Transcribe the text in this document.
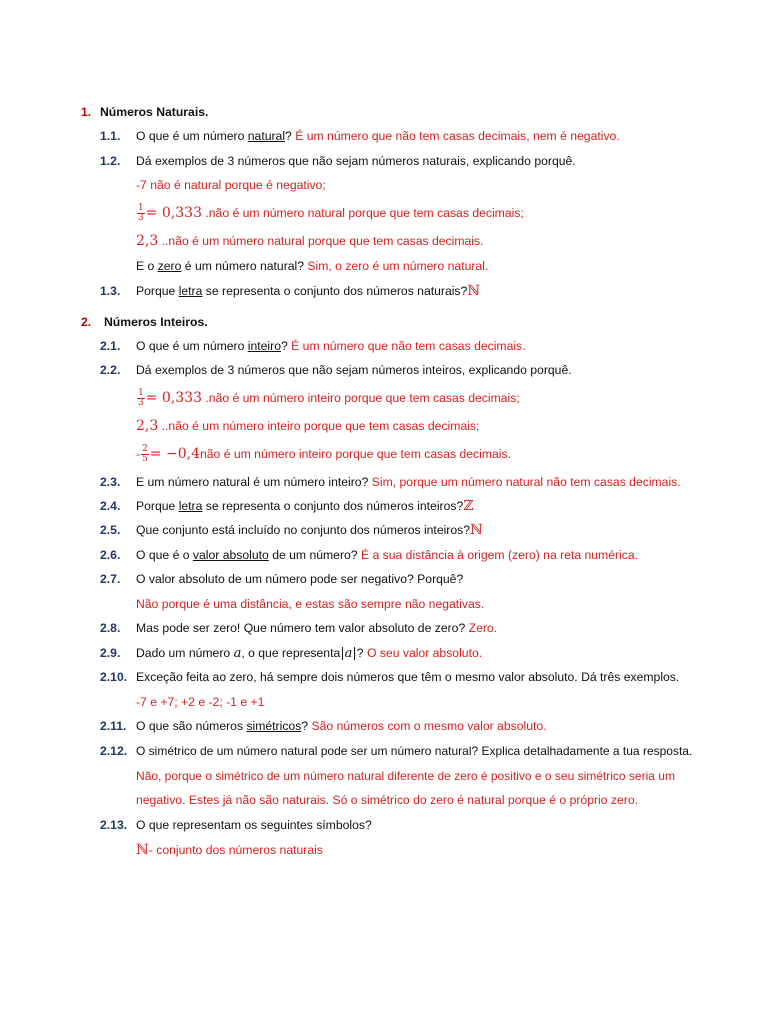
1. Números Naturais.
1.1. O que é um número natural? É um número que não tem casas decimais, nem é negativo.
1.2. Dá exemplos de 3 números que não sejam números naturais, explicando porquê.
-7 não é natural porque é negativo;
$\frac{1}{3} = 0,333$ .não é um número natural porque que tem casas decimais;
2,3 ..não é um número natural porque que tem casas decimais.
E o zero é um número natural? Sim, o zero é um número natural.
1.3. Porque letra se representa o conjunto dos números naturais?ℕ
2. Números Inteiros.
2.1. O que é um número inteiro? É um número que não tem casas decimais.
2.2. Dá exemplos de 3 números que não sejam números inteiros, explicando porquê.
$\frac{1}{3} = 0,333$ .não é um número inteiro porque que tem casas decimais;
2,3 ..não é um número inteiro porque que tem casas decimais;
- $\frac{2}{5}$ = −0,4não é um número inteiro porque que tem casas decimais.
2.3. E um número natural é um número inteiro? Sim, porque um número natural não tem casas decimais.
2.4. Porque letra se representa o conjunto dos números inteiros?ℤ
2.5. Que conjunto está incluído no conjunto dos números inteiros?ℕ
2.6. O que é o valor absoluto de um número? É a sua distância à origem (zero) na reta numérica.
2.7. O valor absoluto de um número pode ser negativo? Porquê?
Não porque é uma distância, e estas são sempre não negativas.
2.8. Mas pode ser zero! Que número tem valor absoluto de zero? Zero.
2.9. Dado um número a, o que representa|a|? O seu valor absoluto.
2.10. Exceção feita ao zero, há sempre dois números que têm o mesmo valor absoluto. Dá três exemplos.
-7 e +7; +2 e -2; -1 e +1
2.11. O que são números simétricos? São números com o mesmo valor absoluto.
2.12. O simétrico de um número natural pode ser um número natural? Explica detalhadamente a tua resposta.
Não, porque o simétrico de um número natural diferente de zero é positivo e o seu simétrico seria um
negativo. Estes já não são naturais. Só o simétrico do zero é natural porque é o próprio zero.
2.13. O que representam os seguintes símbolos?
ℕ- conjunto dos números naturais
